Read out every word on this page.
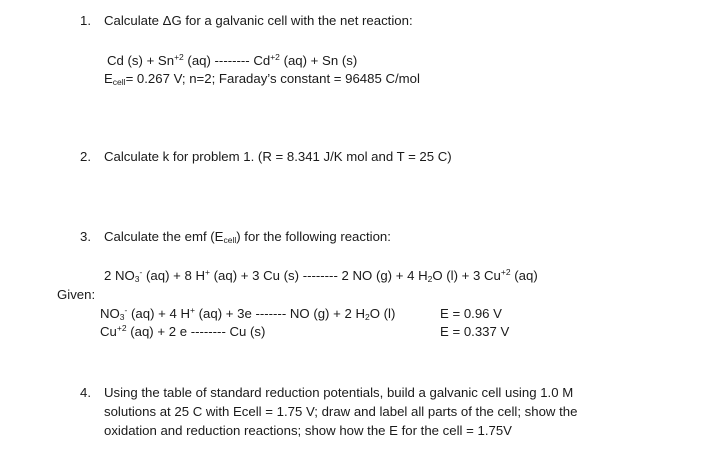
1. Calculate ΔG for a galvanic cell with the net reaction:
Cd $(s) + Sn^{+2}$ (aq) -------- $Cd^{+2}$ (aq) + Sn (s)
$E_{cell}= 0.267$ V; n=2; Faraday’s constant = 96485 C/mol
2. Calculate k for problem 1. (R = 8.341 J/K mol and T = 25 C)
3. Calculate the emf $(E_{cell})$ for the following reaction:
2 $NO_3^-$ (aq) + 8 H+ (aq) + 3 Cu (s) -------- 2 NO (g) + 4 $H_2O$ (l) + 3 $Cu^{+2}$ (aq)
Given:
$NO_3^-$ (aq) + 4 H+ (aq) + 3e ------- NO (g) + 2 $H_2O$ (l)	E = 0.96 V
$Cu^{+2}$ (aq) + 2 e -------- Cu (s)	E = 0.337 V
4. Using the table of standard reduction potentials, build a galvanic cell using 1.0 M
solutions at 25 C with Ecell = 1.75 V; draw and label all parts of the cell; show the
oxidation and reduction reactions; show how the E for the cell = 1.75V
